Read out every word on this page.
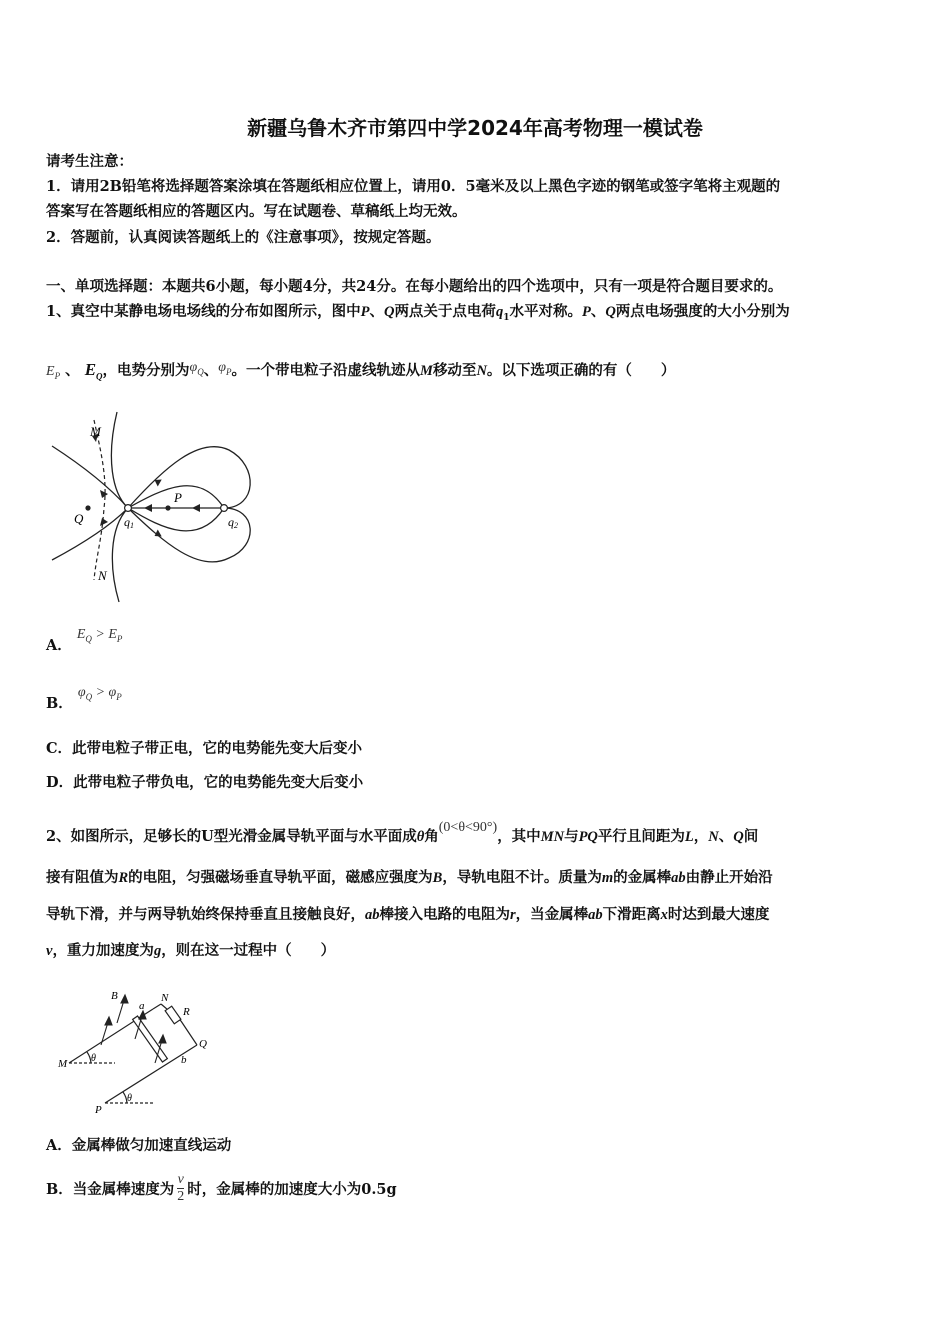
新疆乌鲁木齐市第四中学2024年高考物理一模试卷
请考生注意：
1．请用2B铅笔将选择题答案涂填在答题纸相应位置上，请用0．5毫米及以上黑色字迹的钢笔或签字笔将主观题的
答案写在答题纸相应的答题区内。写在试题卷、草稿纸上均无效。
2．答题前，认真阅读答题纸上的《注意事项》，按规定答题。
一、单项选择题：本题共6小题，每小题4分，共24分。在每小题给出的四个选项中，只有一项是符合题目要求的。
1、真空中某静电场电场线的分布如图所示，图中P、Q两点关于点电荷$q_1$水平对称。P、Q两点电场强度的大小分别为
$E_P$ 、 $E_Q$，电势分别为$\varphi_Q$、$\varphi_P$。一个带电粒子沿虚线轨迹从M移动至N。以下选项正确的有（　　）
M
N
P
Q	q1	q2
A． $E_Q > E_P$
B． $\varphi_Q > \varphi_P$
C．此带电粒子带正电，它的电势能先变大后变小
D．此带电粒子带负电，它的电势能先变大后变小
2、如图所示，足够长的U型光滑金属导轨平面与水平面成θ角(0<θ<90°)，其中MN与PQ平行且间距为L，N、Q间
接有阻值为R的电阻，匀强磁场垂直导轨平面，磁感应强度为B，导轨电阻不计。质量为m的金属棒ab由静止开始沿
导轨下滑，并与两导轨始终保持垂直且接触良好，ab棒接入电路的电阻为r，当金属棒ab下滑距离x时达到最大速度
v，重力加速度为g，则在这一过程中（　　）
B
a
N
R
Q
b
M
P
θ
θ
A．金属棒做匀加速直线运动
B．当金属棒速度为 $\frac{v}{2}$ 时，金属棒的加速度大小为0.5g
